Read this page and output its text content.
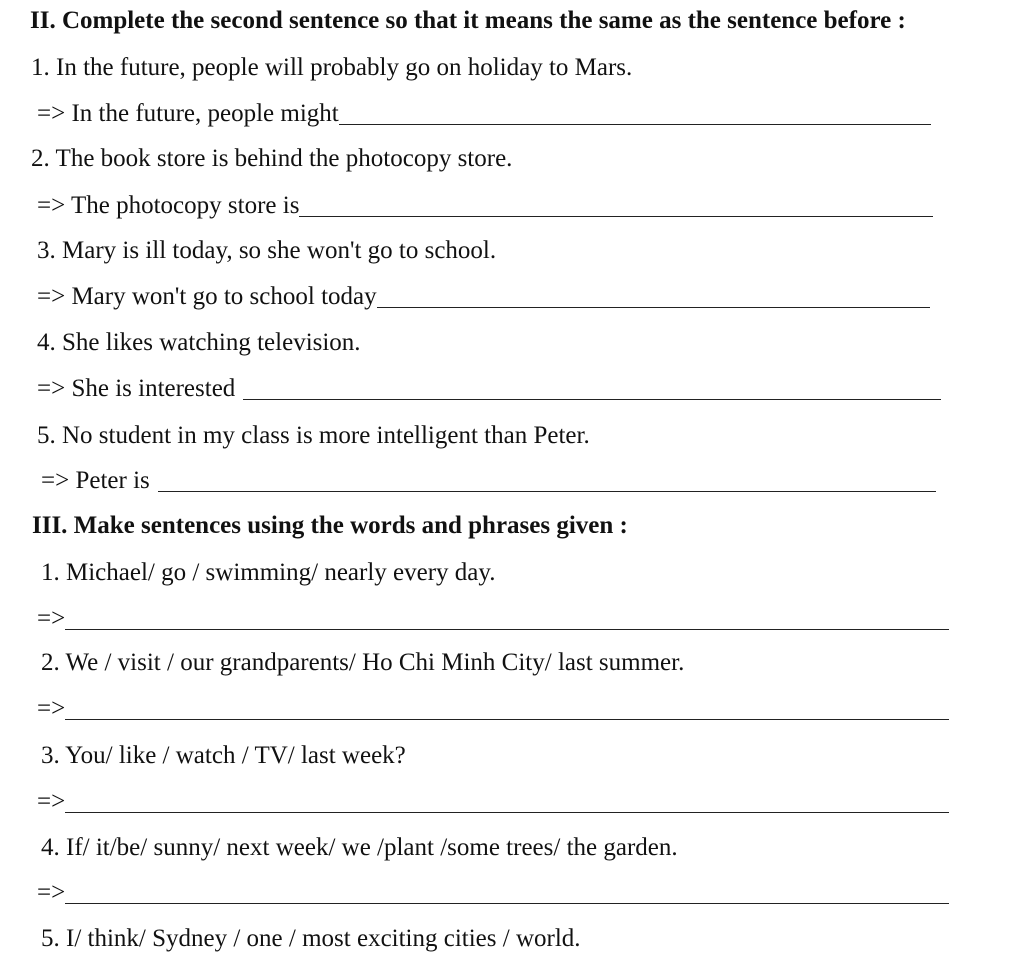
II. Complete the second sentence so that it means the same as the sentence before :
1. In the future, people will probably go on holiday to Mars.
=> In the future, people might
2. The book store is behind the photocopy store.
=> The photocopy store is
3. Mary is ill today, so she won't go to school.
=> Mary won't go to school today
4. She likes watching television.
=> She is interested
5. No student in my class is more intelligent than Peter.
=> Peter is
III. Make sentences using the words and phrases given :
1. Michael/ go / swimming/ nearly every day.
=>
2. We / visit / our grandparents/ Ho Chi Minh City/ last summer.
=>
3. You/ like / watch / TV/ last week?
=>
4. If/ it/be/ sunny/ next week/ we /plant /some trees/ the garden.
=>
5. I/ think/ Sydney / one / most exciting cities / world.
